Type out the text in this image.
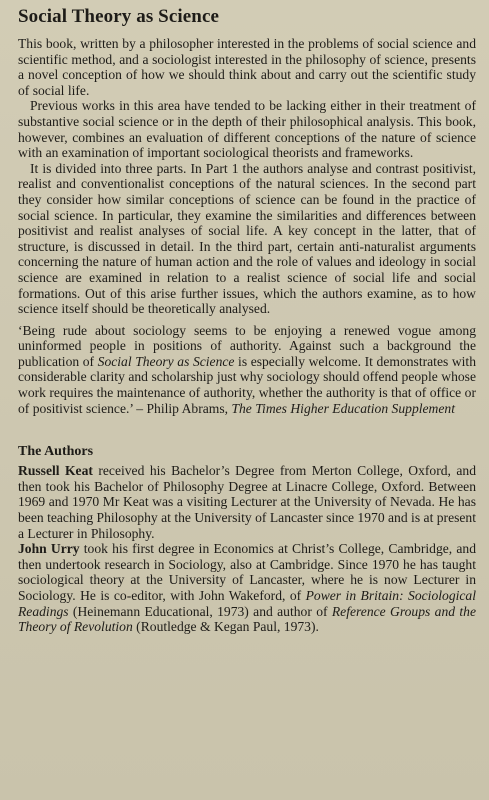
Social Theory as Science

This book, written by a philosopher interested in the problems of social science and scientific method, and a sociologist interested in the philosophy of science, presents a novel conception of how we should think about and carry out the scientific study of social life.

Previous works in this area have tended to be lacking either in their treatment of substantive social science or in the depth of their philosophical analysis. This book, however, combines an evaluation of different conceptions of the nature of science with an examination of important sociological theorists and frameworks.

It is divided into three parts. In Part 1 the authors analyse and contrast positivist, realist and conventionalist conceptions of the natural sciences. In the second part they consider how similar conceptions of science can be found in the practice of social science. In particular, they examine the similarities and differences between positivist and realist analyses of social life. A key concept in the latter, that of structure, is discussed in detail. In the third part, certain anti-naturalist arguments concerning the nature of human action and the role of values and ideology in social science are examined in relation to a realist science of social life and social formations. Out of this arise further issues, which the authors examine, as to how science itself should be theoretically analysed.

‘Being rude about sociology seems to be enjoying a renewed vogue among uninformed people in positions of authority. Against such a background the publication of Social Theory as Science is especially welcome. It demonstrates with considerable clarity and scholarship just why sociology should offend people whose work requires the maintenance of authority, whether the authority is that of office or of positivist science.’ – Philip Abrams, The Times Higher Education Supplement

The Authors

Russell Keat received his Bachelor’s Degree from Merton College, Oxford, and then took his Bachelor of Philosophy Degree at Linacre College, Oxford. Between 1969 and 1970 Mr Keat was a visiting Lecturer at the University of Nevada. He has been teaching Philosophy at the University of Lancaster since 1970 and is at present a Lecturer in Philosophy.

John Urry took his first degree in Economics at Christ’s College, Cambridge, and then undertook research in Sociology, also at Cambridge. Since 1970 he has taught sociological theory at the University of Lancaster, where he is now Lecturer in Sociology. He is co-editor, with John Wakeford, of Power in Britain: Sociological Readings (Heinemann Educational, 1973) and author of Reference Groups and the Theory of Revolution (Routledge & Kegan Paul, 1973).
